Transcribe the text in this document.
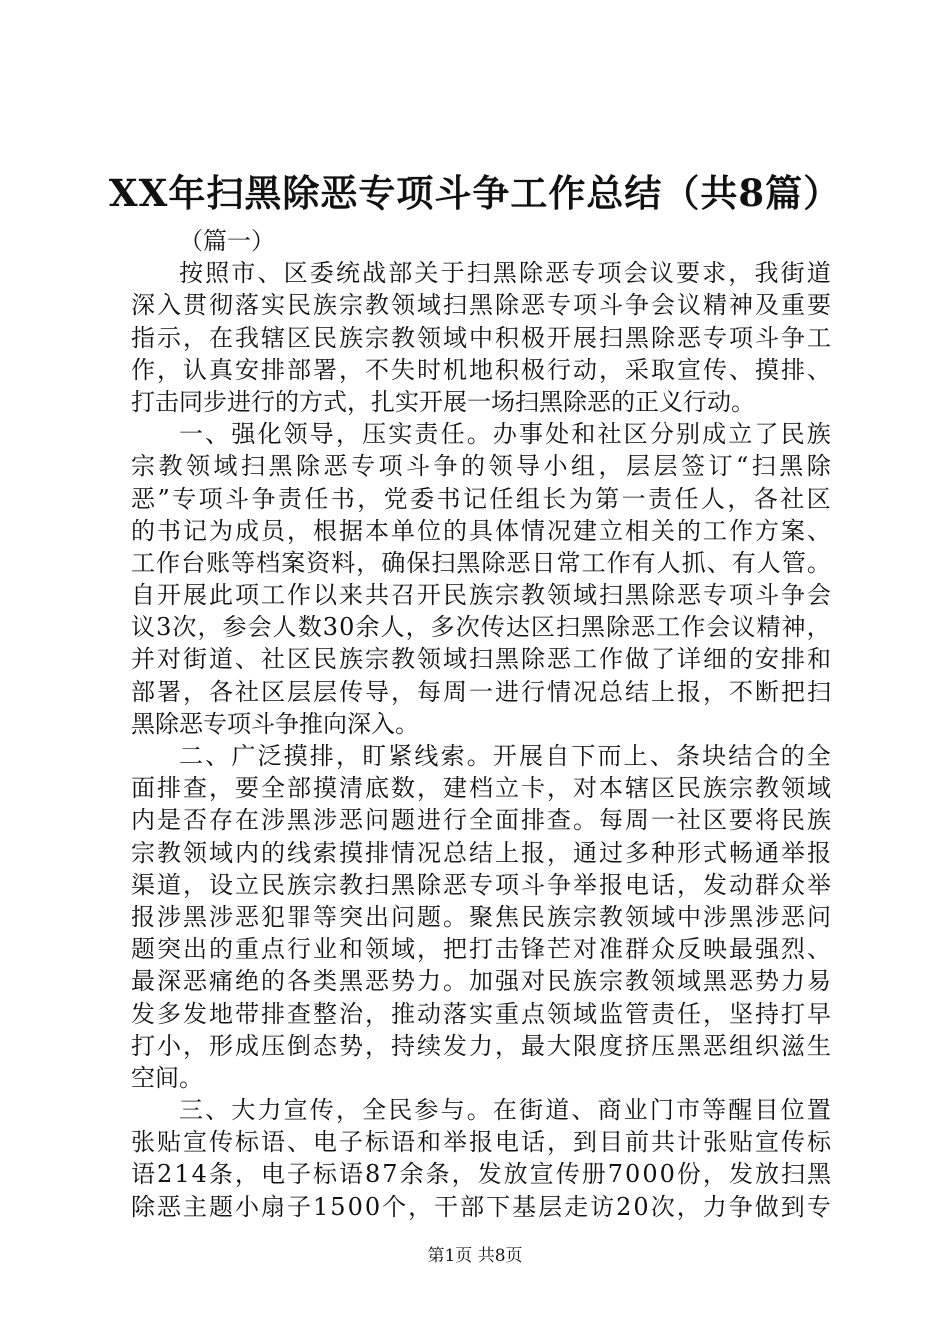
XX年扫黑除恶专项斗争工作总结（共8篇）
（篇一）
按 照 市 、 区 委 统 战 部 关 于 扫 黑 除 恶 专 项 会 议 要 求 ， 我 街 道
深 入 贯 彻 落 实 民 族 宗 教 领 域 扫 黑 除 恶 专 项 斗 争 会 议 精 神 及 重 要
指 示 ， 在 我 辖 区 民 族 宗 教 领 域 中 积 极 开 展 扫 黑 除 恶 专 项 斗 争 工
作 ， 认 真 安 排 部 署 ， 不 失 时 机 地 积 极 行 动 ， 采 取 宣 传 、 摸 排 、
打击同步进行的方式，扎实开展一场扫黑除恶的正义行动。
一 、 强 化 领 导 ， 压 实 责 任 。 办 事 处 和 社 区 分 别 成 立 了 民 族
宗 教 领 域 扫 黑 除 恶 专 项 斗 争 的 领 导 小 组 ， 层 层 签 订 “ 扫 黑 除
恶 ” 专 项 斗 争 责 任 书 ， 党 委 书 记 任 组 长 为 第 一 责 任 人 ， 各 社 区
的 书 记 为 成 员 ， 根 据 本 单 位 的 具 体 情 况 建 立 相 关 的 工 作 方 案 、
工 作 台 账 等 档 案 资 料 ， 确 保 扫 黑 除 恶 日 常 工 作 有 人 抓 、 有 人 管 。
自 开 展 此 项 工 作 以 来 共 召 开 民 族 宗 教 领 域 扫 黑 除 恶 专 项 斗 争 会
议 3 次 ， 参 会 人 数 3 0 余 人 ， 多 次 传 达 区 扫 黑 除 恶 工 作 会 议 精 神 ，
并 对 街 道 、 社 区 民 族 宗 教 领 域 扫 黑 除 恶 工 作 做 了 详 细 的 安 排 和
部 署 ， 各 社 区 层 层 传 导 ， 每 周 一 进 行 情 况 总 结 上 报 ， 不 断 把 扫
黑除恶专项斗争推向深入。
二 、 广 泛 摸 排 ， 盯 紧 线 索 。 开 展 自 下 而 上 、 条 块 结 合 的 全
面 排 查 ， 要 全 部 摸 清 底 数 ， 建 档 立 卡 ， 对 本 辖 区 民 族 宗 教 领 域
内 是 否 存 在 涉 黑 涉 恶 问 题 进 行 全 面 排 查 。 每 周 一 社 区 要 将 民 族
宗 教 领 域 内 的 线 索 摸 排 情 况 总 结 上 报 ， 通 过 多 种 形 式 畅 通 举 报
渠 道 ， 设 立 民 族 宗 教 扫 黑 除 恶 专 项 斗 争 举 报 电 话 ， 发 动 群 众 举
报 涉 黑 涉 恶 犯 罪 等 突 出 问 题 。 聚 焦 民 族 宗 教 领 域 中 涉 黑 涉 恶 问
题 突 出 的 重 点 行 业 和 领 域 ， 把 打 击 锋 芒 对 准 群 众 反 映 最 强 烈 、
最 深 恶 痛 绝 的 各 类 黑 恶 势 力 。 加 强 对 民 族 宗 教 领 域 黑 恶 势 力 易
发 多 发 地 带 排 查 整 治 ， 推 动 落 实 重 点 领 域 监 管 责 任 ， 坚 持 打 早
打 小 ， 形 成 压 倒 态 势 ， 持 续 发 力 ， 最 大 限 度 挤 压 黑 恶 组 织 滋 生
空间。
三 、 大 力 宣 传 ， 全 民 参 与 。 在 街 道 、 商 业 门 市 等 醒 目 位 置
张 贴 宣 传 标 语 、 电 子 标 语 和 举 报 电 话 ， 到 目 前 共 计 张 贴 宣 传 标
语 2 1 4 条 ， 电 子 标 语 8 7 余 条 ， 发 放 宣 传 册 7 0 0 0 份 ， 发 放 扫 黑
除 恶 主 题 小 扇 子 1 5 0 0 个 ， 干 部 下 基 层 走 访 2 0 次 ， 力 争 做 到 专
第1页 共8页
